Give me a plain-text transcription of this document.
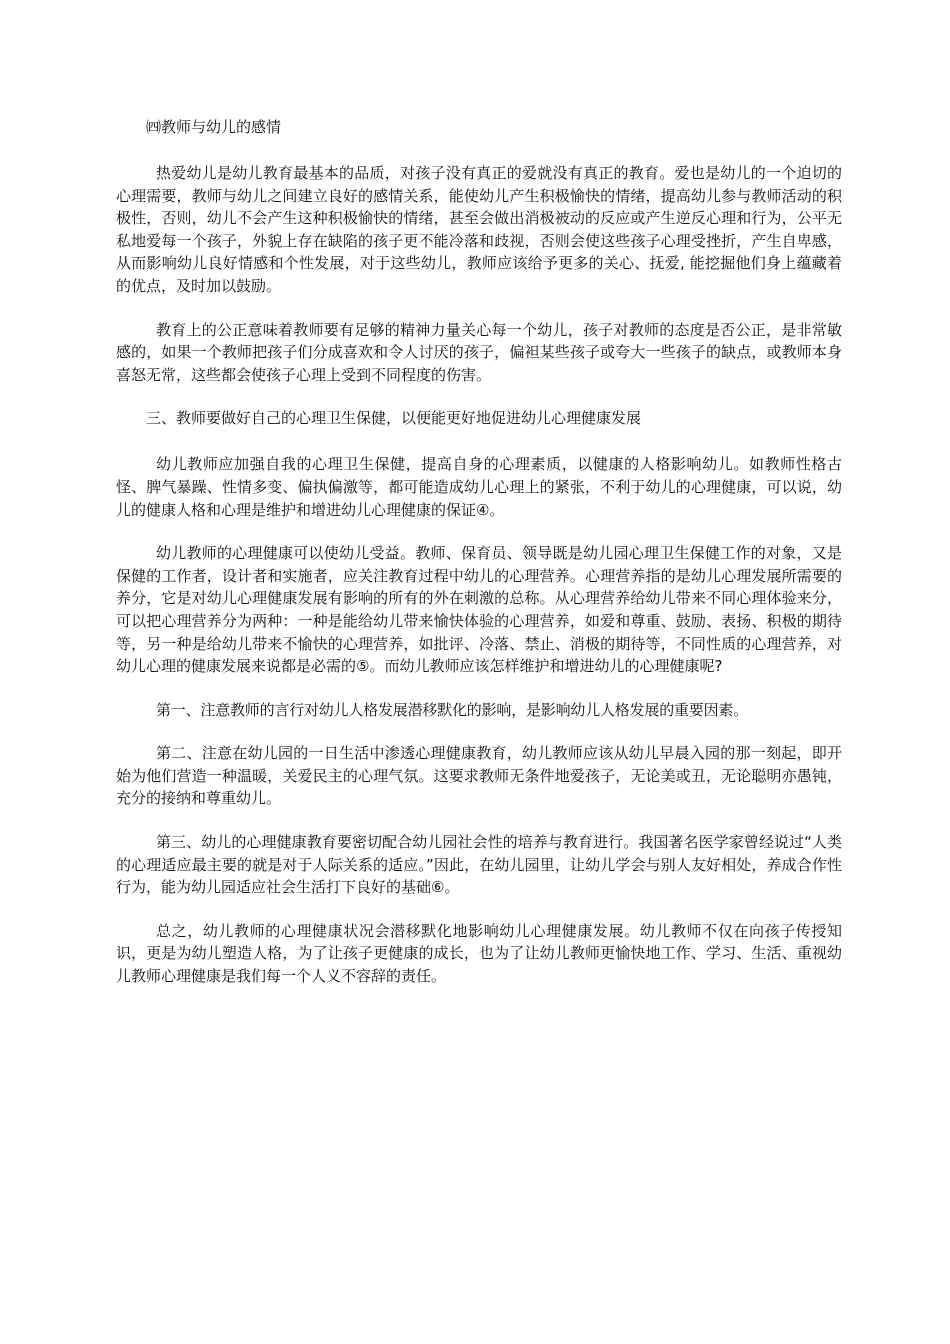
㈣教师与幼儿的感情

热爱幼儿是幼儿教育最基本的品质，对孩子没有真正的爱就没有真正的教育。爱也是幼儿的一个迫切的心理需要，教师与幼儿之间建立良好的感情关系，能使幼儿产生积极愉快的情绪，提高幼儿参与教师活动的积极性，否则，幼儿不会产生这种积极愉快的情绪，甚至会做出消极被动的反应或产生逆反心理和行为，公平无私地爱每一个孩子，外貌上存在缺陷的孩子更不能冷落和歧视，否则会使这些孩子心理受挫折，产生自卑感，从而影响幼儿良好情感和个性发展，对于这些幼儿，教师应该给予更多的关心、抚爱, 能挖掘他们身上蕴藏着的优点，及时加以鼓励。

教育上的公正意味着教师要有足够的精神力量关心每一个幼儿，孩子对教师的态度是否公正，是非常敏感的，如果一个教师把孩子们分成喜欢和令人讨厌的孩子，偏袒某些孩子或夸大一些孩子的缺点，或教师本身喜怒无常，这些都会使孩子心理上受到不同程度的伤害。

三、教师要做好自己的心理卫生保健，以便能更好地促进幼儿心理健康发展

幼儿教师应加强自我的心理卫生保健，提高自身的心理素质，以健康的人格影响幼儿。如教师性格古怪、脾气暴躁、性情多变、偏执偏激等，都可能造成幼儿心理上的紧张，不利于幼儿的心理健康，可以说，幼儿的健康人格和心理是维护和增进幼儿心理健康的保证④。

幼儿教师的心理健康可以使幼儿受益。教师、保育员、领导既是幼儿园心理卫生保健工作的对象，又是保健的工作者，设计者和实施者，应关注教育过程中幼儿的心理营养。心理营养指的是幼儿心理发展所需要的养分，它是对幼儿心理健康发展有影响的所有的外在刺激的总称。从心理营养给幼儿带来不同心理体验来分，可以把心理营养分为两种：一种是能给幼儿带来愉快体验的心理营养，如爱和尊重、鼓励、表扬、积极的期待等，另一种是给幼儿带来不愉快的心理营养，如批评、冷落、禁止、消极的期待等，不同性质的心理营养，对幼儿心理的健康发展来说都是必需的⑤。而幼儿教师应该怎样维护和增进幼儿的心理健康呢?

第一、注意教师的言行对幼儿人格发展潜移默化的影响，是影响幼儿人格发展的重要因素。

第二、注意在幼儿园的一日生活中渗透心理健康教育，幼儿教师应该从幼儿早晨入园的那一刻起，即开始为他们营造一种温暖，关爱民主的心理气氛。这要求教师无条件地爱孩子，无论美或丑，无论聪明亦愚钝，充分的接纳和尊重幼儿。

第三、幼儿的心理健康教育要密切配合幼儿园社会性的培养与教育进行。我国著名医学家曾经说过“人类的心理适应最主要的就是对于人际关系的适应。”因此，在幼儿园里，让幼儿学会与别人友好相处，养成合作性行为，能为幼儿园适应社会生活打下良好的基础⑥。

总之，幼儿教师的心理健康状况会潜移默化地影响幼儿心理健康发展。幼儿教师不仅在向孩子传授知识，更是为幼儿塑造人格，为了让孩子更健康的成长，也为了让幼儿教师更愉快地工作、学习、生活、重视幼儿教师心理健康是我们每一个人义不容辞的责任。
